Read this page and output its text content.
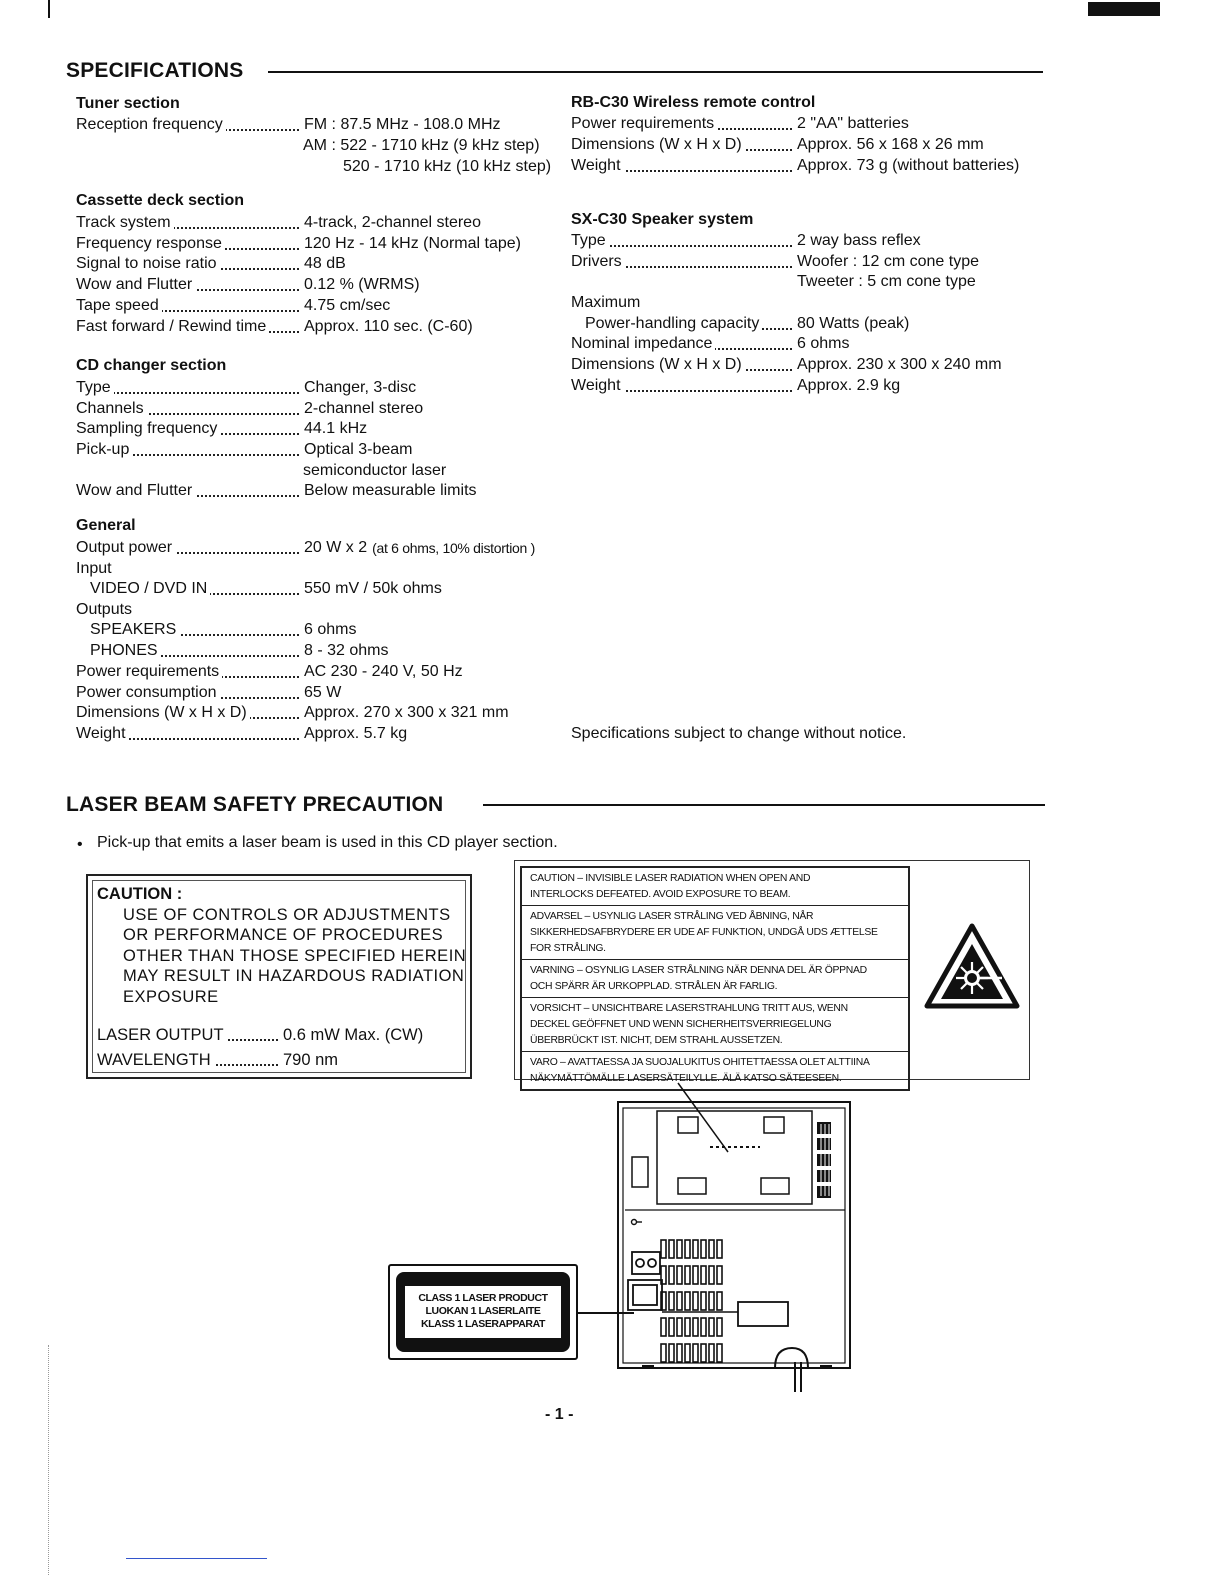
SPECIFICATIONS
Tuner section
Reception frequency	FM : 87.5 MHz - 108.0 MHz
AM : 522 - 1710 kHz (9 kHz step)
520 - 1710 kHz (10 kHz step)
Cassette deck section
Track system	4-track, 2-channel stereo
Frequency response	120 Hz - 14 kHz (Normal tape)
Signal to noise ratio	48 dB
Wow and Flutter	0.12 % (WRMS)
Tape speed	4.75 cm/sec
Fast forward / Rewind time	Approx. 110 sec. (C-60)
CD changer section
Type	Changer, 3-disc
Channels	2-channel stereo
Sampling frequency	44.1 kHz
Pick-up	Optical 3-beam
semiconductor laser
Wow and Flutter	Below measurable limits
General
Output power	20 W x 2 (at 6 ohms, 10% distortion )
Input
VIDEO / DVD IN	550 mV / 50k ohms
Outputs
SPEAKERS	6 ohms
PHONES	8 - 32 ohms
Power requirements	AC 230 - 240 V, 50 Hz
Power consumption	65 W
Dimensions (W x H x D)	Approx. 270 x 300 x 321 mm
Weight	Approx. 5.7 kg
RB-C30 Wireless remote control
Power requirements	2 "AA" batteries
Dimensions (W x H x D)	Approx. 56 x 168 x 26 mm
Weight	Approx. 73 g (without batteries)
SX-C30 Speaker system
Type	2 way bass reflex
Drivers	Woofer : 12 cm cone type
Tweeter : 5 cm cone type
Maximum
Power-handling capacity	80 Watts (peak)
Nominal impedance	6 ohms
Dimensions (W x H x D)	Approx. 230 x 300 x 240 mm
Weight	Approx. 2.9 kg
Specifications subject to change without notice.
LASER BEAM SAFETY PRECAUTION
• Pick-up that emits a laser beam is used in this CD player section.
CAUTION :
USE OF CONTROLS OR ADJUSTMENTS
OR PERFORMANCE OF PROCEDURES
OTHER THAN THOSE SPECIFIED HEREIN
MAY RESULT IN HAZARDOUS RADIATION
EXPOSURE
LASER OUTPUT	0.6 mW Max. (CW)
WAVELENGTH	790 nm
CAUTION – INVISIBLE LASER RADIATION WHEN OPEN AND
INTERLOCKS DEFEATED. AVOID EXPOSURE TO BEAM.
ADVARSEL – USYNLIG LASER STRÅLING VED ÅBNING, NÅR
SIKKERHEDSAFBRYDERE ER UDE AF FUNKTION, UNDGÅ UDS ÆTTELSE
FOR STRÅLING.
VARNING – OSYNLIG LASER STRÅLNING NÄR DENNA DEL ÄR ÖPPNAD
OCH SPÄRR ÄR URKOPPLAD. STRÅLEN ÄR FARLIG.
VORSICHT – UNSICHTBARE LASERSTRAHLUNG TRITT AUS, WENN
DECKEL GEÖFFNET UND WENN SICHERHEITSVERRIEGELUNG
ÜBERBRÜCKT IST. NICHT, DEM STRAHL AUSSETZEN.
VARO – AVATTAESSA JA SUOJALUKITUS OHITETTAESSA OLET ALTTIINA
NÄKYMÄTTÖMÄLLE LASERSÄTEILYLLE. ÄLÄ KATSO SÄTEESEEN.
CLASS 1 LASER PRODUCT
LUOKAN 1 LASERLAITE
KLASS 1 LASERAPPARAT
- 1 -
